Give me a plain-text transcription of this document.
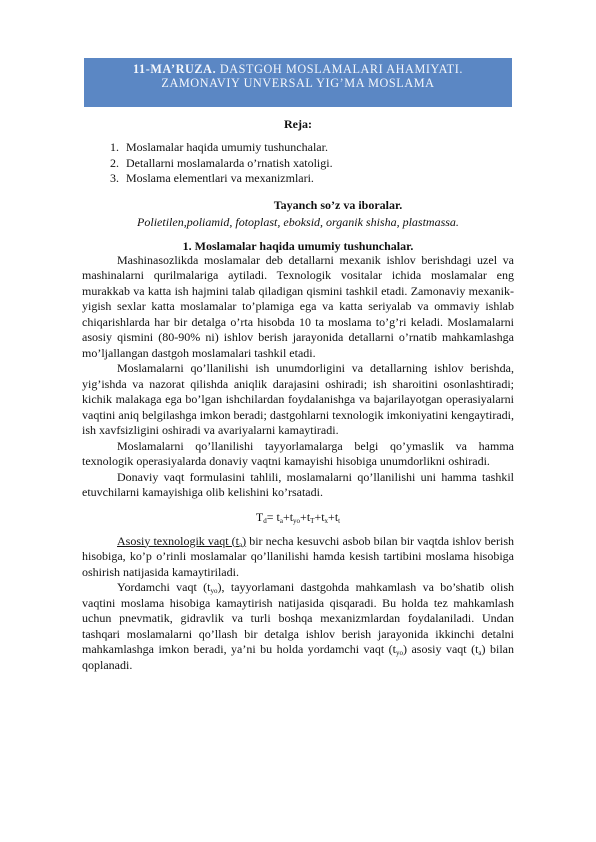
11-MA’RUZA. DASTGOH MOSLAMALARI AHAMIYATI.
ZAMONAVIY UNVERSAL YIG’MA MOSLAMA
Reja:
1. Moslamalar haqida umumiy tushunchalar.
2. Detallarni moslamalarda o’rnatish xatoligi.
3. Moslama elementlari va mexanizmlari.
Tayanch so’z va iboralar.
Polietilen,poliamid, fotoplast, eboksid, organik shisha, plastmassa.
1. Moslamalar haqida umumiy tushunchalar.

Mashinasozlikda moslamalar deb detallarni mexanik ishlov berishdagi uzel va mashinalarni qurilmalariga aytiladi. Texnologik vositalar ichida moslamalar eng murakkab va katta ish hajmini talab qiladigan qismini tashkil etadi. Zamonaviy mexanik-yigish sexlar katta moslamalar to’plamiga ega va katta seriyalab va ommaviy ishlab chiqarishlarda har bir detalga o’rta hisobda 10 ta moslama to’g’ri keladi. Moslamalarni asosiy qismini (80-90% ni) ishlov berish jarayonida detallarni o’rnatib mahkamlashga mo’ljallangan dastgoh moslamalari tashkil etadi.

Moslamalarni qo’llanilishi ish unumdorligini va detallarning ishlov berishda, yig’ishda va nazorat qilishda aniqlik darajasini oshiradi; ish sharoitini osonlashtiradi; kichik malakaga ega bo’lgan ishchilardan foydalanishga va bajarilayotgan operasiyalarni vaqtini aniq belgilashga imkon beradi; dastgohlarni texnologik imkoniyatini kengaytiradi, ish xavfsizligini oshiradi va avariyalarni kamaytiradi.

Moslamalarni qo’llanilishi tayyorlamalarga belgi qo’ymaslik va hamma texnologik operasiyalarda donaviy vaqtni kamayishi hisobiga unumdorlikni oshiradi.

Donaviy vaqt formulasini tahlili, moslamalarni qo’llanilishi uni hamma tashkil etuvchilarni kamayishiga olib kelishini ko’rsatadi.

$T_d= t_a+t_{yo}+t_T+t_x+t_t$

Asosiy texnologik vaqt $(t_a)$ bir necha kesuvchi asbob bilan bir vaqtda ishlov berish hisobiga, ko’p o’rinli moslamalar qo’llanilishi hamda kesish tartibini moslama hisobiga oshirish natijasida kamaytiriladi.

Yordamchi vaqt $(t_{yo})$, tayyorlamani dastgohda mahkamlash va bo’shatib olish vaqtini moslama hisobiga kamaytirish natijasida qisqaradi. Bu holda tez mahkamlash uchun pnevmatik, gidravlik va turli boshqa mexanizmlardan foydalaniladi. Undan tashqari moslamalarni qo’llash bir detalga ishlov berish jarayonida ikkinchi detalni mahkamlashga imkon beradi, ya’ni bu holda yordamchi vaqt $(t_{yo})$ asosiy vaqt $(t_a)$ bilan qoplanadi.
